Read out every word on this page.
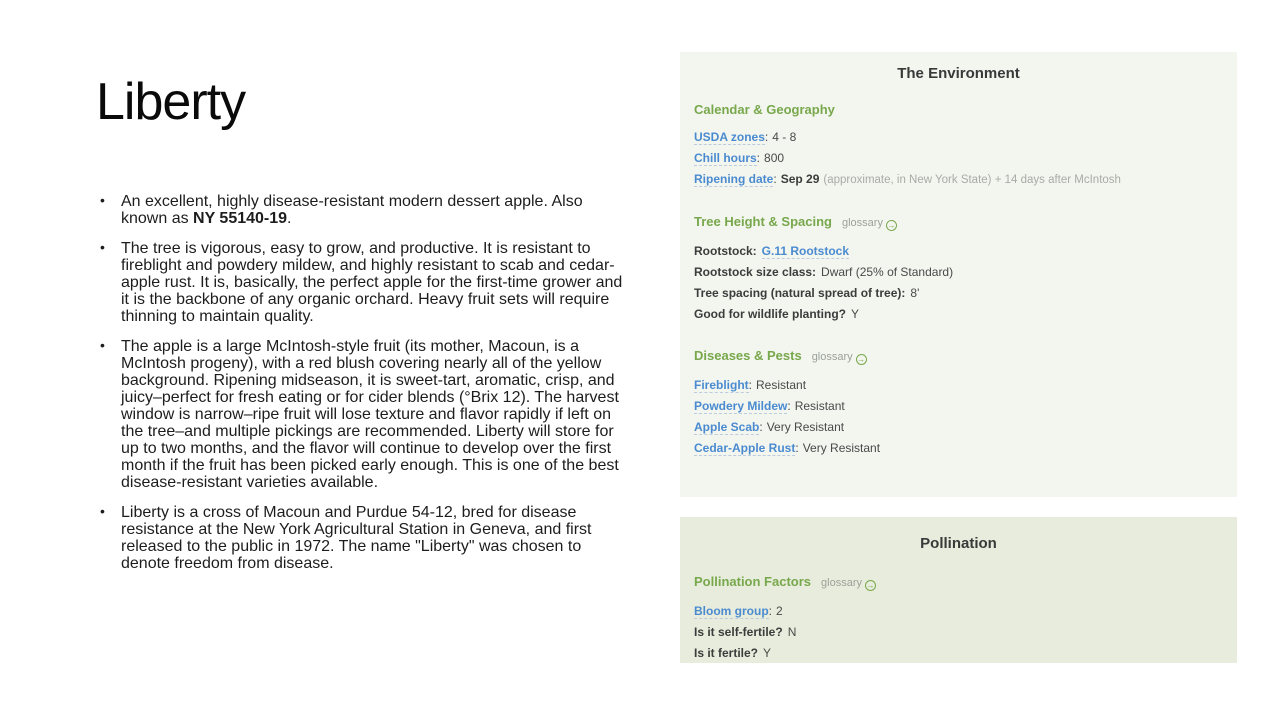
Liberty
•
An excellent, highly disease-resistant modern dessert apple. Also known as NY 55140-19.
•
The tree is vigorous, easy to grow, and productive. It is resistant to fireblight and powdery mildew, and highly resistant to scab and cedar-apple rust. It is, basically, the perfect apple for the first-time grower and it is the backbone of any organic orchard. Heavy fruit sets will require thinning to maintain quality.
•
The apple is a large McIntosh-style fruit (its mother, Macoun, is a McIntosh progeny), with a red blush covering nearly all of the yellow background. Ripening midseason, it is sweet-tart, aromatic, crisp, and juicy–perfect for fresh eating or for cider blends (°Brix 12). The harvest window is narrow–ripe fruit will lose texture and flavor rapidly if left on the tree–and multiple pickings are recommended. Liberty will store for up to two months, and the flavor will continue to develop over the first month if the fruit has been picked early enough. This is one of the best disease-resistant varieties available.
•
Liberty is a cross of Macoun and Purdue 54-12, bred for disease resistance at the New York Agricultural Station in Geneva, and first released to the public in 1972. The name "Liberty" was chosen to denote freedom from disease.
The Environment
Calendar & Geography
USDA zones: 4 - 8
Chill hours: 800
Ripening date: Sep 29 (approximate, in New York State) + 14 days after McIntosh
Tree Height & Spacing glossary→
Rootstock: G.11 Rootstock
Rootstock size class: Dwarf (25% of Standard)
Tree spacing (natural spread of tree): 8'
Good for wildlife planting? Y
Diseases & Pests glossary→
Fireblight: Resistant
Powdery Mildew: Resistant
Apple Scab: Very Resistant
Cedar-Apple Rust: Very Resistant
Pollination
Pollination Factors glossary→
Bloom group: 2
Is it self-fertile? N
Is it fertile? Y
